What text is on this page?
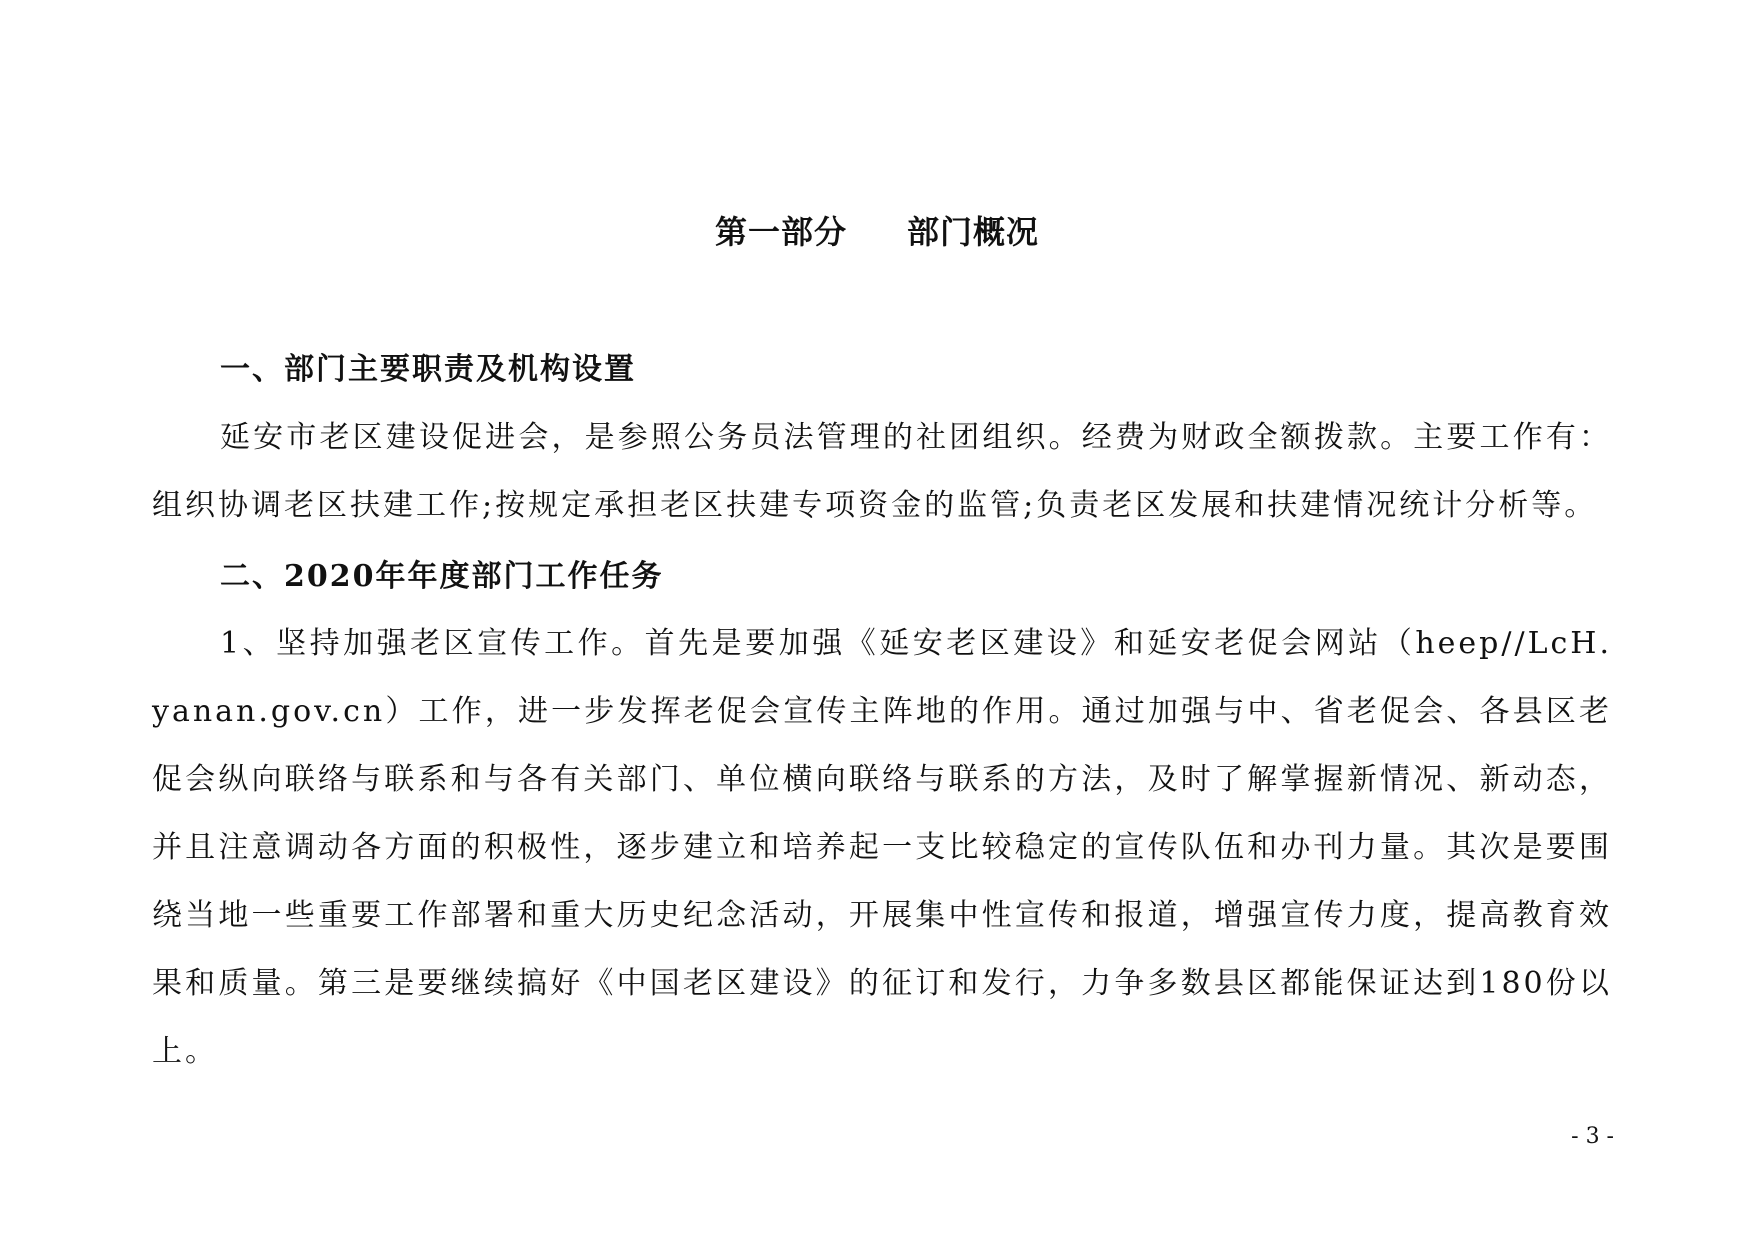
第一部分 部门概况
一、部门主要职责及机构设置
延安市老区建设促进会，是参照公务员法管理的社团组织。经费为财政全额拨款。主要工作有：组织协调老区扶建工作;按规定承担老区扶建专项资金的监管;负责老区发展和扶建情况统计分析等。
二、2020年年度部门工作任务
1、坚持加强老区宣传工作。首先是要加强《延安老区建设》和延安老促会网站（heep//LcH.yanan.gov.cn）工作，进一步发挥老促会宣传主阵地的作用。通过加强与中、省老促会、各县区老促会纵向联络与联系和与各有关部门、单位横向联络与联系的方法，及时了解掌握新情况、新动态，并且注意调动各方面的积极性，逐步建立和培养起一支比较稳定的宣传队伍和办刊力量。其次是要围绕当地一些重要工作部署和重大历史纪念活动，开展集中性宣传和报道，增强宣传力度，提高教育效果和质量。第三是要继续搞好《中国老区建设》的征订和发行，力争多数县区都能保证达到180份以上。
- 3 -
